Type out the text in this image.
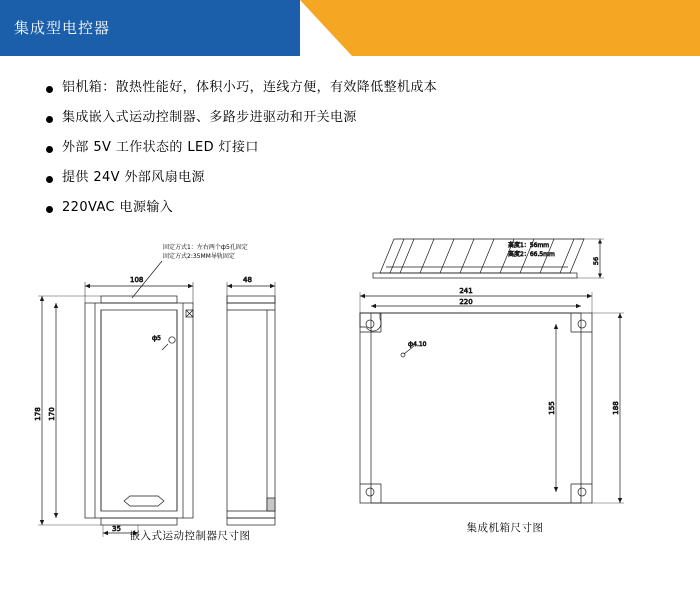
集成型电控器
铝机箱：散热性能好，体积小巧，连线方便，有效降低整机成本
集成嵌入式运动控制器、多路步进驱动和开关电源
外部 5V 工作状态的 LED 灯接口
提供 24V 外部风扇电源
220VAC 电源输入
ф5
108
178 170
35
48
56
高度1：56mm
高度2：66.5mm
ф4.10
241
220
188
155
固定方式1：左右两个ф5孔固定
固定方式2:35MM导轨固定
嵌入式运动控制器尺寸图
集成机箱尺寸图
